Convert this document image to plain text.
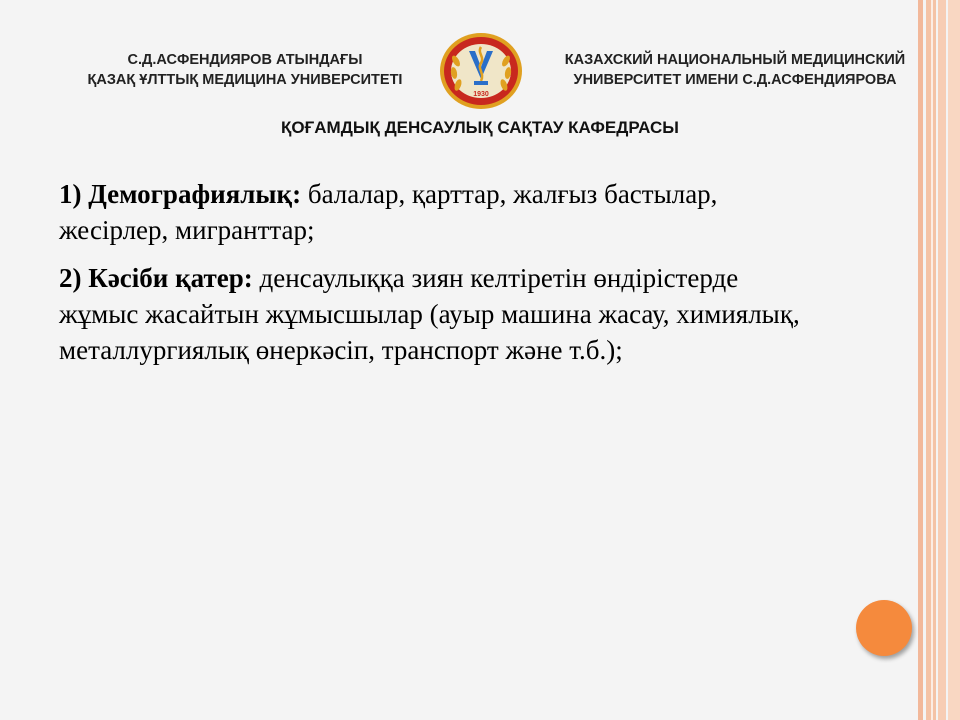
С.Д.АСФЕНДИЯРОВ АТЫНДАҒЫ
ҚАЗАҚ ҰЛТТЫҚ МЕДИЦИНА УНИВЕРСИТЕТІ
1930
КАЗАХСКИЙ НАЦИОНАЛЬНЫЙ МЕДИЦИНСКИЙ
УНИВЕРСИТЕТ ИМЕНИ С.Д.АСФЕНДИЯРОВА
ҚОҒАМДЫҚ ДЕНСАУЛЫҚ САҚТАУ КАФЕДРАСЫ

1) Демографиялық: балалар, қарттар, жалғыз бастылар, жесірлер, мигранттар;

2) Кәсіби қатер: денсаулыққа зиян келтіретін өндірістерде жұмыс жасайтын жұмысшылар (ауыр машина жасау, химиялық, металлургиялық өнеркәсіп, транспорт және т.б.);
